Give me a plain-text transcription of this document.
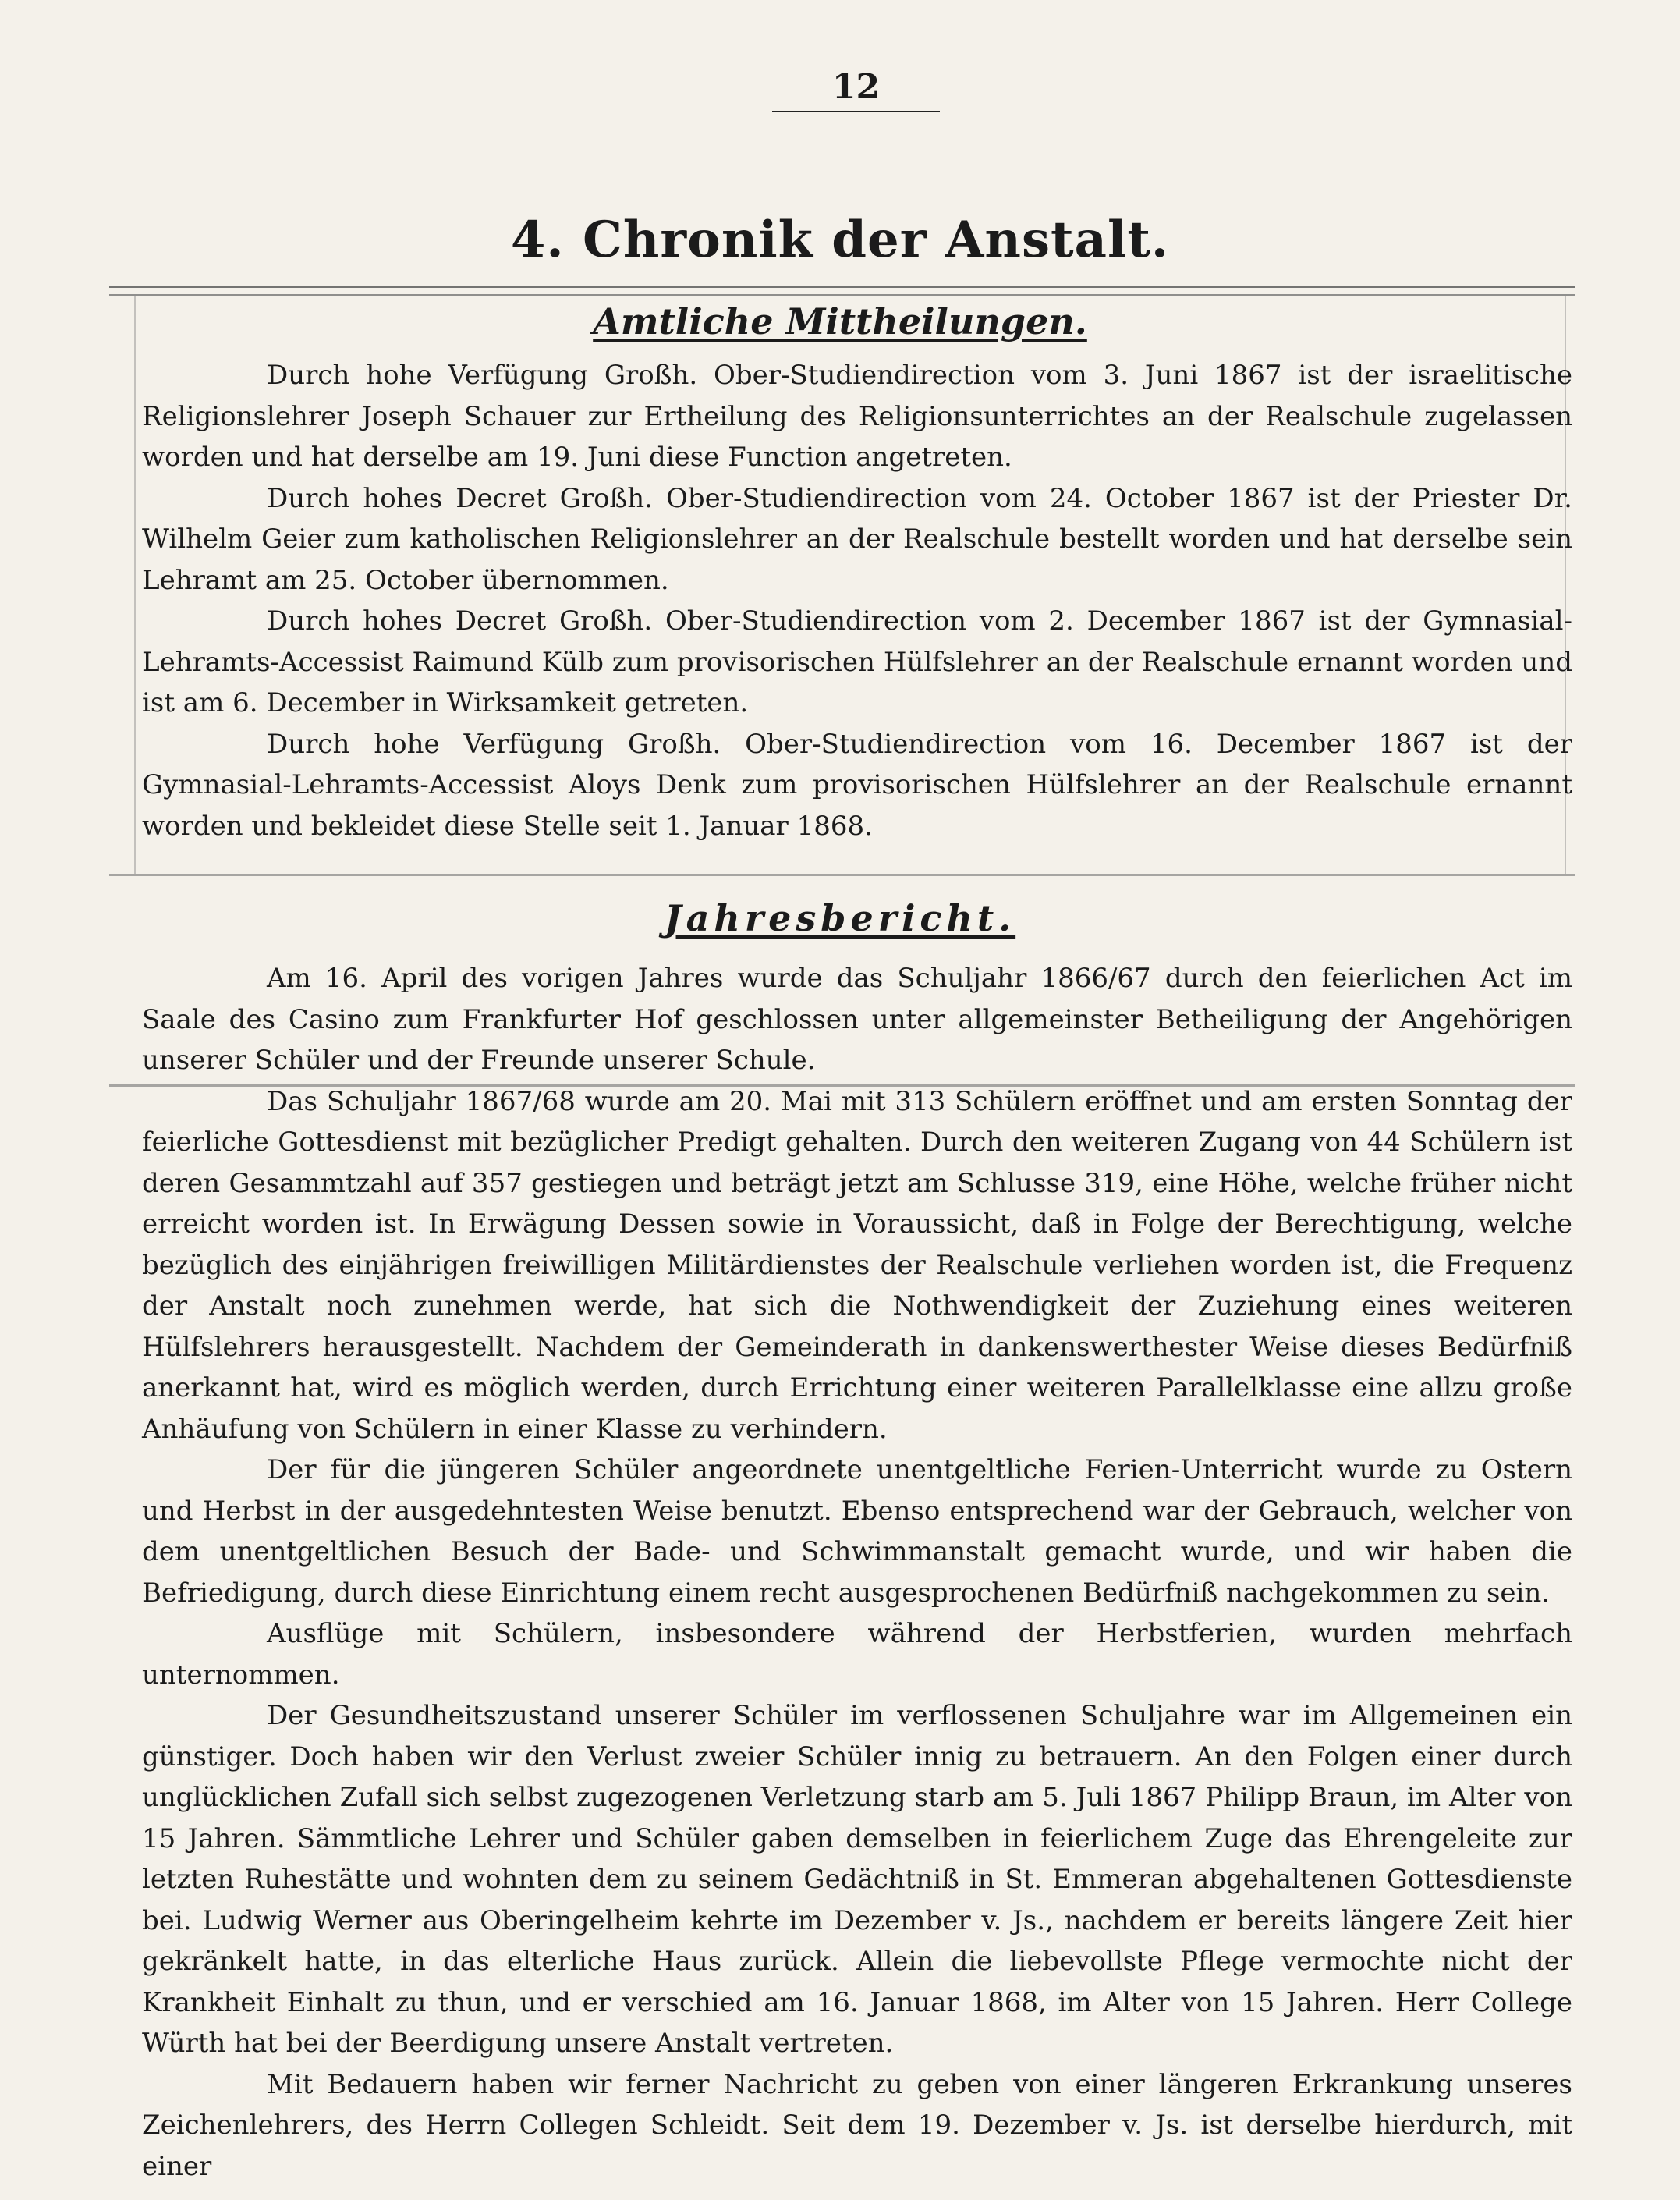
12
4. Chronik der Anstalt.
Amtliche Mittheilungen.

Durch hohe Verfügung Großh. Ober-Studiendirection vom 3. Juni 1867 ist der israelitische Religionslehrer Joseph Schauer zur Ertheilung des Religionsunterrichtes an der Realschule zugelassen worden und hat derselbe am 19. Juni diese Function angetreten.

Durch hohes Decret Großh. Ober-Studiendirection vom 24. October 1867 ist der Priester Dr. Wilhelm Geier zum katholischen Religionslehrer an der Realschule bestellt worden und hat derselbe sein Lehramt am 25. October übernommen.

Durch hohes Decret Großh. Ober-Studiendirection vom 2. December 1867 ist der Gymnasial-Lehramts-Accessist Raimund Külb zum provisorischen Hülfslehrer an der Realschule ernannt worden und ist am 6. December in Wirksamkeit getreten.

Durch hohe Verfügung Großh. Ober-Studiendirection vom 16. December 1867 ist der Gymnasial-Lehramts-Accessist Aloys Denk zum provisorischen Hülfslehrer an der Realschule ernannt worden und bekleidet diese Stelle seit 1. Januar 1868.

Jahresbericht.

Am 16. April des vorigen Jahres wurde das Schuljahr 1866/67 durch den feierlichen Act im Saale des Casino zum Frankfurter Hof geschlossen unter allgemeinster Betheiligung der Angehörigen unserer Schüler und der Freunde unserer Schule.

Das Schuljahr 1867/68 wurde am 20. Mai mit 313 Schülern eröffnet und am ersten Sonntag der feierliche Gottesdienst mit bezüglicher Predigt gehalten. Durch den weiteren Zugang von 44 Schülern ist deren Gesammtzahl auf 357 gestiegen und beträgt jetzt am Schlusse 319, eine Höhe, welche früher nicht erreicht worden ist. In Erwägung Dessen sowie in Voraussicht, daß in Folge der Berechtigung, welche bezüglich des einjährigen freiwilligen Militärdienstes der Realschule verliehen worden ist, die Frequenz der Anstalt noch zunehmen werde, hat sich die Nothwendigkeit der Zuziehung eines weiteren Hülfslehrers herausgestellt. Nachdem der Gemeinderath in dankenswerthester Weise dieses Bedürfniß anerkannt hat, wird es möglich werden, durch Errichtung einer weiteren Parallelklasse eine allzu große Anhäufung von Schülern in einer Klasse zu verhindern.

Der für die jüngeren Schüler angeordnete unentgeltliche Ferien-Unterricht wurde zu Ostern und Herbst in der ausgedehntesten Weise benutzt. Ebenso entsprechend war der Gebrauch, welcher von dem unentgeltlichen Besuch der Bade- und Schwimmanstalt gemacht wurde, und wir haben die Befriedigung, durch diese Einrichtung einem recht ausgesprochenen Bedürfniß nachgekommen zu sein.

Ausflüge mit Schülern, insbesondere während der Herbstferien, wurden mehrfach unternommen.

Der Gesundheitszustand unserer Schüler im verflossenen Schuljahre war im Allgemeinen ein günstiger. Doch haben wir den Verlust zweier Schüler innig zu betrauern. An den Folgen einer durch unglücklichen Zufall sich selbst zugezogenen Verletzung starb am 5. Juli 1867 Philipp Braun, im Alter von 15 Jahren. Sämmtliche Lehrer und Schüler gaben demselben in feierlichem Zuge das Ehrengeleite zur letzten Ruhestätte und wohnten dem zu seinem Gedächtniß in St. Emmeran abgehaltenen Gottesdienste bei. Ludwig Werner aus Oberingelheim kehrte im Dezember v. Js., nachdem er bereits längere Zeit hier gekränkelt hatte, in das elterliche Haus zurück. Allein die liebevollste Pflege vermochte nicht der Krankheit Einhalt zu thun, und er verschied am 16. Januar 1868, im Alter von 15 Jahren. Herr College Würth hat bei der Beerdigung unsere Anstalt vertreten.

Mit Bedauern haben wir ferner Nachricht zu geben von einer längeren Erkrankung unseres Zeichenlehrers, des Herrn Collegen Schleidt. Seit dem 19. Dezember v. Js. ist derselbe hierdurch, mit einer
